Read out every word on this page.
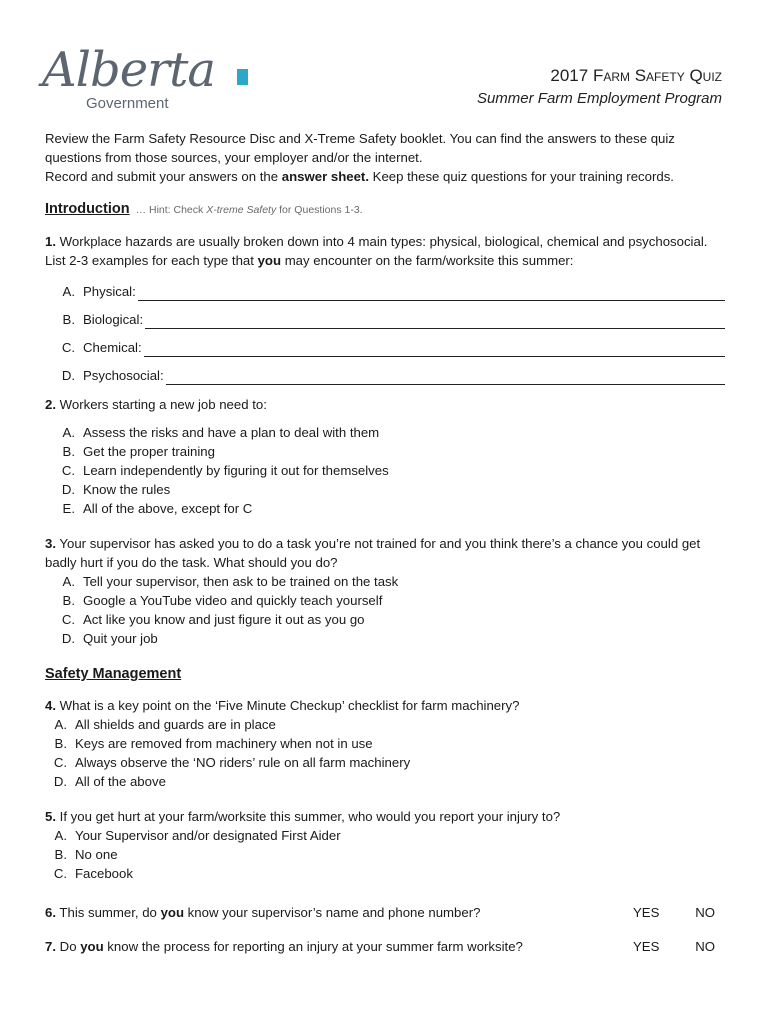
Alberta
Government
2017 Farm Safety Quiz
Summer Farm Employment Program

Review the Farm Safety Resource Disc and X-Treme Safety booklet. You can find the answers to these quiz questions from those sources, your employer and/or the internet.

Record and submit your answers on the answer sheet. Keep these quiz questions for your training records.

Introduction … Hint: Check X-treme Safety for Questions 1-3.

1. Workplace hazards are usually broken down into 4 main types: physical, biological, chemical and psychosocial. List 2-3 examples for each type that you may encounter on the farm/worksite this summer:

A. Physical:
B. Biological:
C. Chemical:
D. Psychosocial:

2. Workers starting a new job need to:

A. Assess the risks and have a plan to deal with them
B. Get the proper training
C. Learn independently by figuring it out for themselves
D. Know the rules
E. All of the above, except for C

3. Your supervisor has asked you to do a task you’re not trained for and you think there’s a chance you could get badly hurt if you do the task. What should you do?

A. Tell your supervisor, then ask to be trained on the task
B. Google a YouTube video and quickly teach yourself
C. Act like you know and just figure it out as you go
D. Quit your job
Safety Management

4. What is a key point on the ‘Five Minute Checkup’ checklist for farm machinery?

A. All shields and guards are in place
B. Keys are removed from machinery when not in use
C. Always observe the ‘NO riders’ rule on all farm machinery
D. All of the above

5. If you get hurt at your farm/worksite this summer, who would you report your injury to?

A. Your Supervisor and/or designated First Aider
B. No one
C. Facebook

6. This summer, do you know your supervisor’s name and phone number?	YES	NO

7. Do you know the process for reporting an injury at your summer farm worksite?	YES	NO
